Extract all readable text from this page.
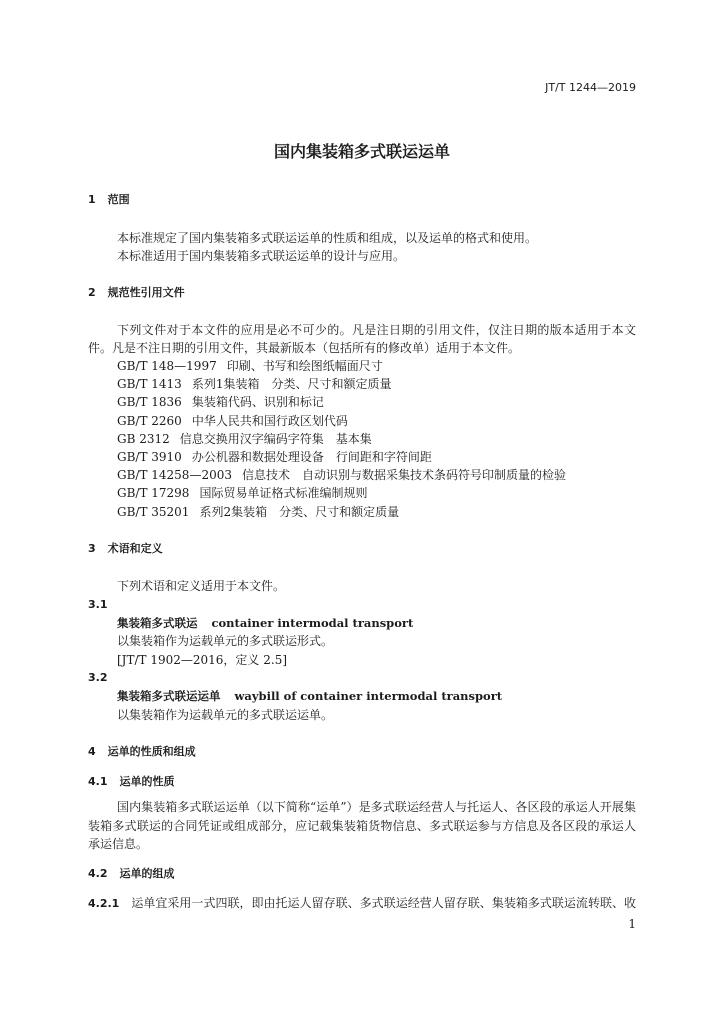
JT/T 1244—2019
国内集装箱多式联运运单
1 范围
本标准规定了国内集装箱多式联运运单的性质和组成，以及运单的格式和使用。
本标准适用于国内集装箱多式联运运单的设计与应用。
2 规范性引用文件
下列文件对于本文件的应用是必不可少的。凡是注日期的引用文件，仅注日期的版本适用于本文
件。凡是不注日期的引用文件，其最新版本（包括所有的修改单）适用于本文件。
GB/T 148—1997 印刷、书写和绘图纸幅面尺寸
GB/T 1413 系列1集装箱　分类、尺寸和额定质量
GB/T 1836 集装箱代码、识别和标记
GB/T 2260 中华人民共和国行政区划代码
GB 2312 信息交换用汉字编码字符集　基本集
GB/T 3910 办公机器和数据处理设备　行间距和字符间距
GB/T 14258—2003 信息技术　自动识别与数据采集技术条码符号印制质量的检验
GB/T 17298 国际贸易单证格式标准编制规则
GB/T 35201 系列2集装箱　分类、尺寸和额定质量
3 术语和定义
下列术语和定义适用于本文件。
3.1
集装箱多式联运 container intermodal transport
以集装箱作为运载单元的多式联运形式。
[JT/T 1902—2016，定义 2.5]
3.2
集装箱多式联运运单 waybill of container intermodal transport
以集装箱作为运载单元的多式联运运单。
4 运单的性质和组成
4.1 运单的性质
国内集装箱多式联运运单（以下简称“运单”）是多式联运经营人与托运人、各区段的承运人开展集
装箱多式联运的合同凭证或组成部分，应记载集装箱货物信息、多式联运参与方信息及各区段的承运人
承运信息。
4.2 运单的组成
4.2.1 运单宜采用一式四联，即由托运人留存联、多式联运经营人留存联、集装箱多式联运流转联、收
1
